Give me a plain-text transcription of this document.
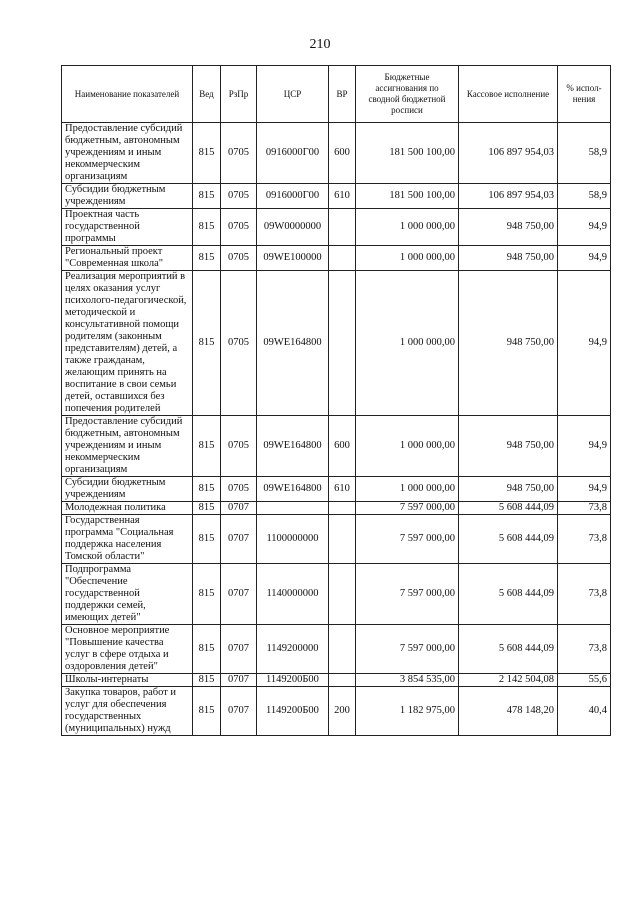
210
Наименование показателей	Вед	РзПр	ЦСР	ВР	Бюджетные ассигнования по сводной бюджетной росписи	Кассовое исполнение	% испол-нения
Предоставление субсидий бюджетным, автономным учреждениям и иным некоммерческим организациям	815	0705	0916000Г00	600	181 500 100,00	106 897 954,03	58,9
Субсидии бюджетным учреждениям	815	0705	0916000Г00	610	181 500 100,00	106 897 954,03	58,9
Проектная часть государственной программы	815	0705	09W0000000		1 000 000,00	948 750,00	94,9
Региональный проект "Современная школа"	815	0705	09WE100000		1 000 000,00	948 750,00	94,9
Реализация мероприятий в целях оказания услуг психолого-педагогической, методической и консультативной помощи родителям (законным представителям) детей, а также гражданам, желающим принять на воспитание в свои семьи детей, оставшихся без попечения родителей	815	0705	09WE164800		1 000 000,00	948 750,00	94,9
Предоставление субсидий бюджетным, автономным учреждениям и иным некоммерческим организациям	815	0705	09WE164800	600	1 000 000,00	948 750,00	94,9
Субсидии бюджетным учреждениям	815	0705	09WE164800	610	1 000 000,00	948 750,00	94,9
Молодежная политика	815	0707			7 597 000,00	5 608 444,09	73,8
Государственная программа "Социальная поддержка населения Томской области"	815	0707	1100000000		7 597 000,00	5 608 444,09	73,8
Подпрограмма "Обеспечение государственной поддержки семей, имеющих детей"	815	0707	1140000000		7 597 000,00	5 608 444,09	73,8
Основное мероприятие "Повышение качества услуг в сфере отдыха и оздоровления детей"	815	0707	1149200000		7 597 000,00	5 608 444,09	73,8
Школы-интернаты	815	0707	1149200Б00		3 854 535,00	2 142 504,08	55,6
Закупка товаров, работ и услуг для обеспечения государственных (муниципальных) нужд	815	0707	1149200Б00	200	1 182 975,00	478 148,20	40,4
